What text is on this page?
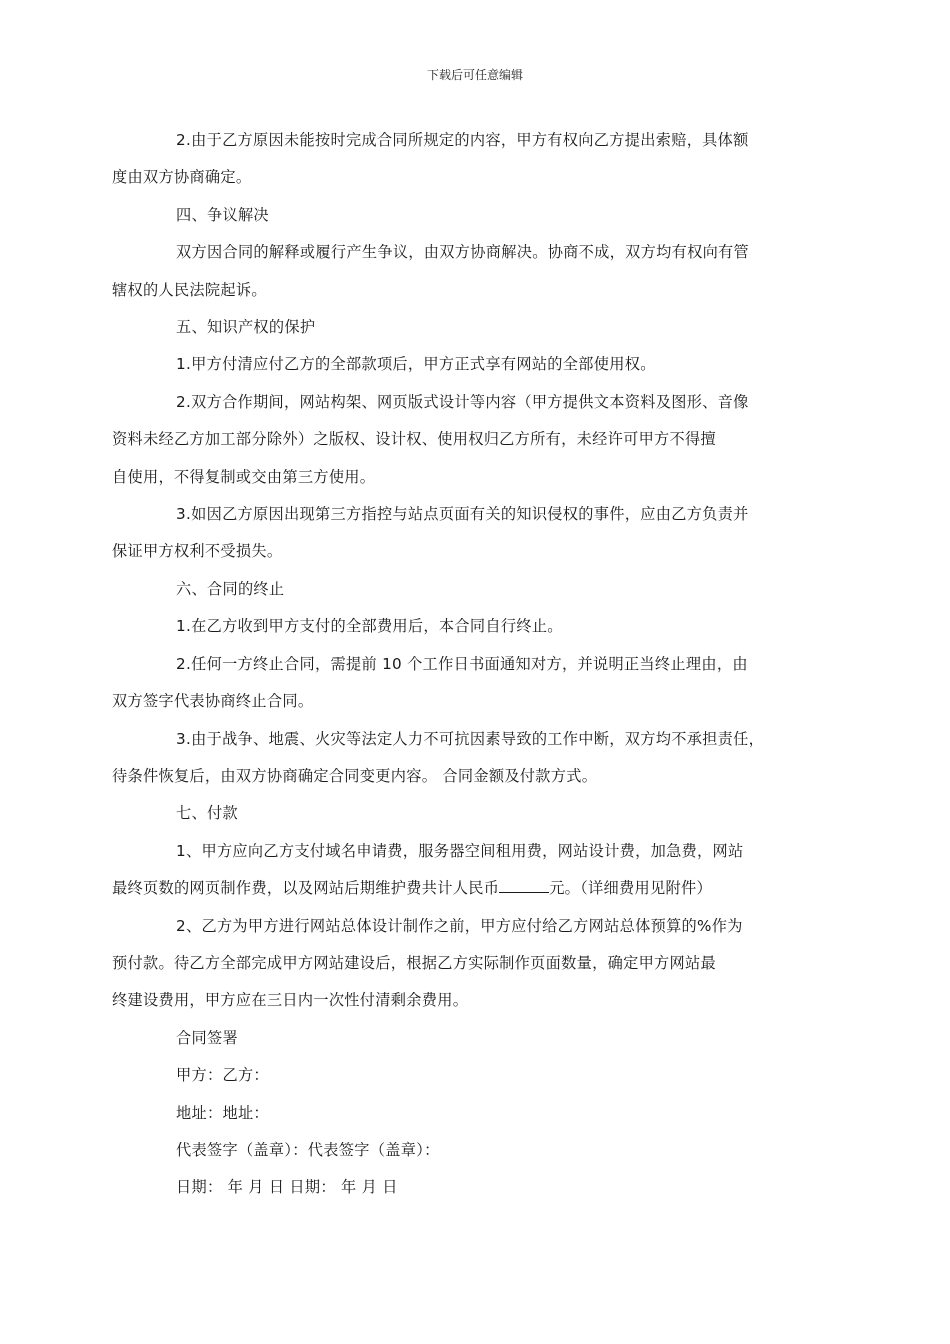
下载后可任意编辑

2.由于乙方原因未能按时完成合同所规定的内容，甲方有权向乙方提出索赔，具体额
度由双方协商确定。

四、争议解决

双方因合同的解释或履行产生争议，由双方协商解决。协商不成，双方均有权向有管
辖权的人民法院起诉。

五、知识产权的保护

1.甲方付清应付乙方的全部款项后，甲方正式享有网站的全部使用权。

2.双方合作期间，网站构架、网页版式设计等内容（甲方提供文本资料及图形、音像
资料未经乙方加工部分除外）之版权、设计权、使用权归乙方所有，未经许可甲方不得擅
自使用，不得复制或交由第三方使用。

3.如因乙方原因出现第三方指控与站点页面有关的知识侵权的事件，应由乙方负责并
保证甲方权利不受损失。

六、合同的终止

1.在乙方收到甲方支付的全部费用后，本合同自行终止。

2.任何一方终止合同，需提前 10 个工作日书面通知对方，并说明正当终止理由，由
双方签字代表协商终止合同。

3.由于战争、地震、火灾等法定人力不可抗因素导致的工作中断，双方均不承担责任，
待条件恢复后，由双方协商确定合同变更内容。 合同金额及付款方式。

七、付款

1、甲方应向乙方支付域名申请费，服务器空间租用费，网站设计费，加急费，网站
最终页数的网页制作费，以及网站后期维护费共计人民币	元。（详细费用见附件）

2、乙方为甲方进行网站总体设计制作之前，甲方应付给乙方网站总体预算的%作为
预付款。待乙方全部完成甲方网站建设后，根据乙方实际制作页面数量，确定甲方网站最
终建设费用，甲方应在三日内一次性付清剩余费用。

合同签署

甲方：乙方：

地址：地址：

代表签字（盖章）：代表签字（盖章）：

日期： 年 月 日 日期： 年 月 日
